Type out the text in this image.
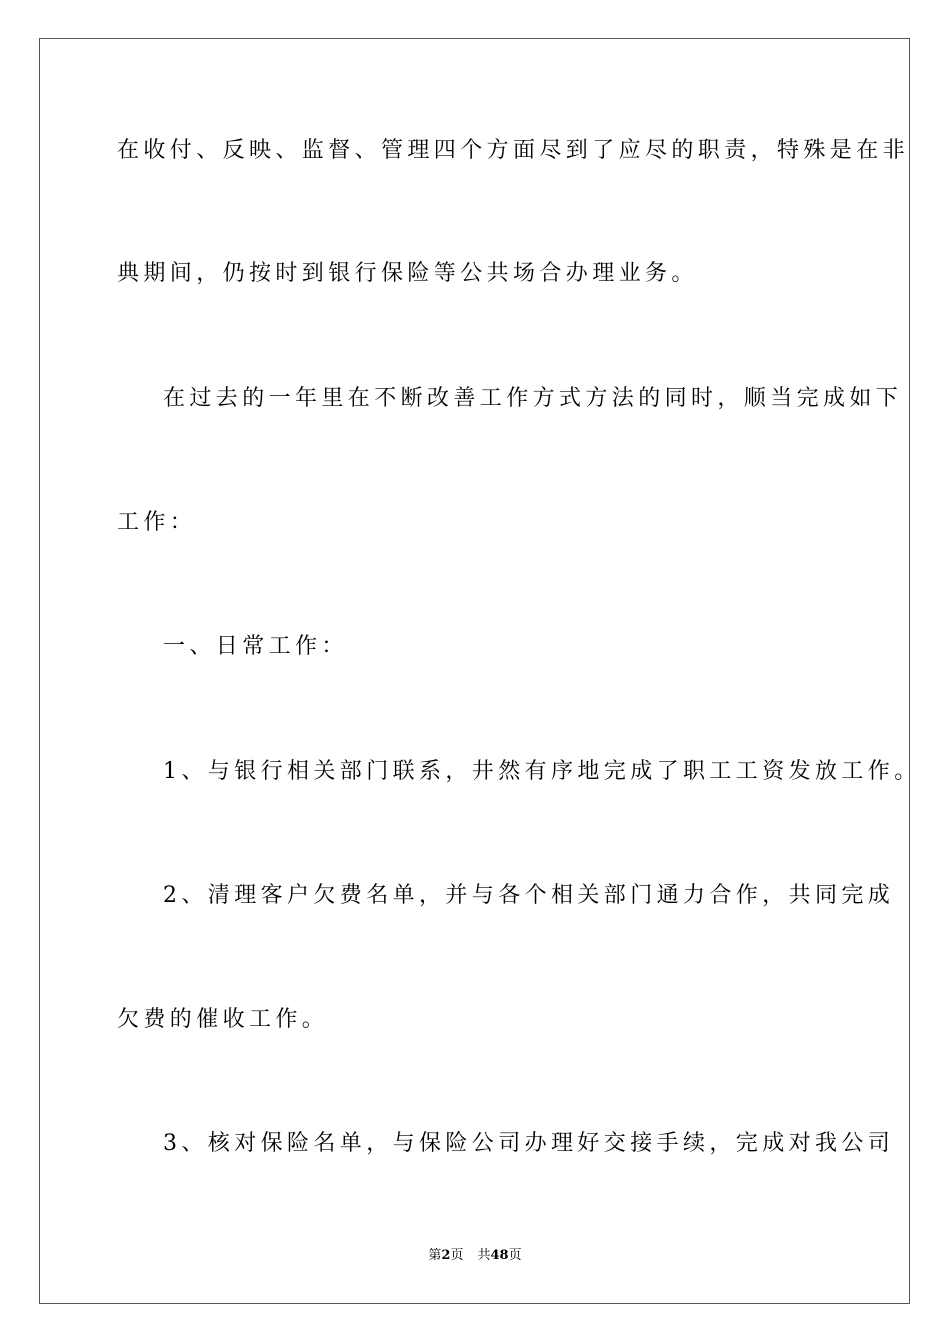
在收付、反映、监督、管理四个方面尽到了应尽的职责，特殊是在非
典期间，仍按时到银行保险等公共场合办理业务。
在过去的一年里在不断改善工作方式方法的同时，顺当完成如下
工作：
一、日常工作：
1、与银行相关部门联系，井然有序地完成了职工工资发放工作。
2、清理客户欠费名单，并与各个相关部门通力合作，共同完成
欠费的催收工作。
3、核对保险名单，与保险公司办理好交接手续，完成对我公司
第2页 共48页
